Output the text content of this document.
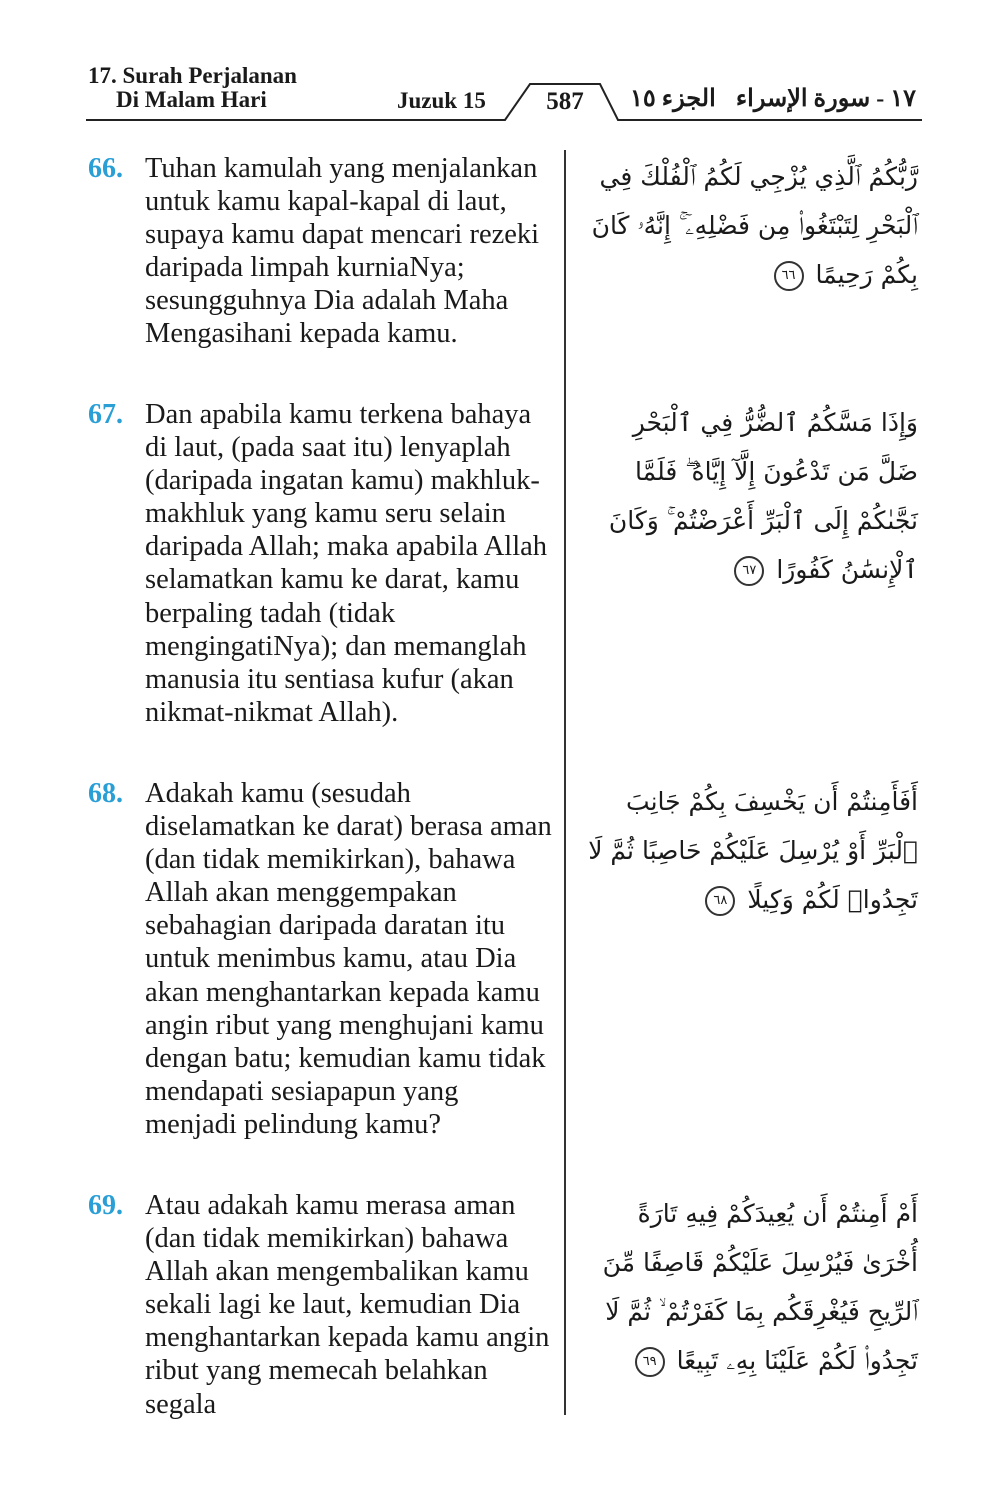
17. Surah Perjalanan
Di Malam Hari	Juzuk 15	587	الجزء ١٥ ١٧ - سورة الإسراء
66. Tuhan kamulah yang menjalankan untuk kamu kapal-kapal di laut, supaya kamu dapat mencari rezeki daripada limpah kurniaNya; sesungguhnya Dia adalah Maha Mengasihani kepada kamu.
رَّبُّكُمُ ٱلَّذِي يُزْجِي لَكُمُ ٱلْفُلْكَ فِي ٱلْبَحْرِ لِتَبْتَغُوا۟ مِن فَضْلِهِۦٓ ۚ إِنَّهُۥ كَانَ بِكُمْ رَحِيمًا ٦٦
67. Dan apabila kamu terkena bahaya di laut, (pada saat itu) lenyaplah (daripada ingatan kamu) makhluk-makhluk yang kamu seru selain daripada Allah; maka apabila Allah selamatkan kamu ke darat, kamu berpaling tadah (tidak mengingatiNya); dan memanglah manusia itu sentiasa kufur (akan nikmat-nikmat Allah).
وَإِذَا مَسَّكُمُ ٱلضُّرُّ فِي ٱلْبَحْرِ ضَلَّ مَن تَدْعُونَ إِلَّآ إِيَّاهُ ۖ فَلَمَّا نَجَّىٰكُمْ إِلَى ٱلْبَرِّ أَعْرَضْتُمْ ۚ وَكَانَ ٱلْإِنسَٰنُ كَفُورًا ٦٧
68. Adakah kamu (sesudah diselamatkan ke darat) berasa aman (dan tidak memikirkan), bahawa Allah akan menggempakan sebahagian daripada daratan itu untuk menimbus kamu, atau Dia akan menghantarkan kepada kamu angin ribut yang menghujani kamu dengan batu; kemudian kamu tidak mendapati sesiapapun yang menjadi pelindung kamu?
أَفَأَمِنتُمْ أَن يَخْسِفَ بِكُمْ جَانِبَ ٱلْبَرِّ أَوْ يُرْسِلَ عَلَيْكُمْ حَاصِبًا ثُمَّ لَا تَجِدُوا۟ لَكُمْ وَكِيلًا ٦٨
69. Atau adakah kamu merasa aman (dan tidak memikirkan) bahawa Allah akan mengembalikan kamu sekali lagi ke laut, kemudian Dia menghantarkan kepada kamu angin ribut yang memecah belahkan segala
أَمْ أَمِنتُمْ أَن يُعِيدَكُمْ فِيهِ تَارَةً أُخْرَىٰ فَيُرْسِلَ عَلَيْكُمْ قَاصِفًا مِّنَ ٱلرِّيحِ فَيُغْرِقَكُم بِمَا كَفَرْتُمْ ۙ ثُمَّ لَا تَجِدُوا۟ لَكُمْ عَلَيْنَا بِهِۦ تَبِيعًا ٦٩
